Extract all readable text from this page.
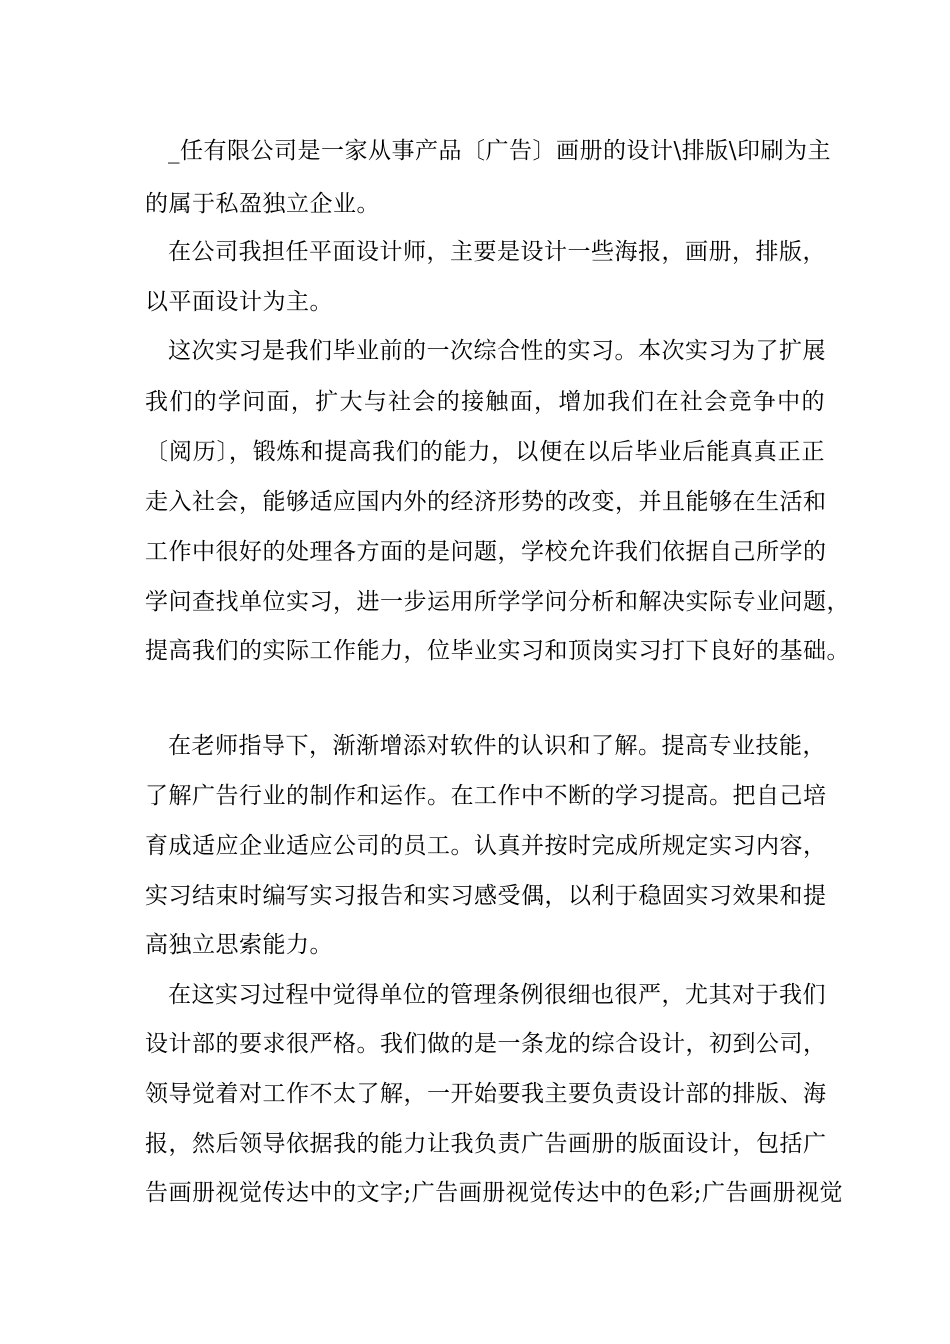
_任有限公司是一家从事产品〔广告〕画册的设计\排版\印刷为主
的属于私盈独立企业。
在公司我担任平面设计师，主要是设计一些海报，画册，排版，
以平面设计为主。
这次实习是我们毕业前的一次综合性的实习。本次实习为了扩展
我们的学问面，扩大与社会的接触面，增加我们在社会竞争中的
〔阅历〕，锻炼和提高我们的能力，以便在以后毕业后能真真正正
走入社会，能够适应国内外的经济形势的改变，并且能够在生活和
工作中很好的处理各方面的是问题，学校允许我们依据自己所学的
学问查找单位实习，进一步运用所学学问分析和解决实际专业问题，
提高我们的实际工作能力，位毕业实习和顶岗实习打下良好的基础。
在老师指导下，渐渐增添对软件的认识和了解。提高专业技能，
了解广告行业的制作和运作。在工作中不断的学习提高。把自己培
育成适应企业适应公司的员工。认真并按时完成所规定实习内容，
实习结束时编写实习报告和实习感受偶，以利于稳固实习效果和提
高独立思索能力。
在这实习过程中觉得单位的管理条例很细也很严，尤其对于我们
设计部的要求很严格。我们做的是一条龙的综合设计，初到公司，
领导觉着对工作不太了解，一开始要我主要负责设计部的排版、海
报，然后领导依据我的能力让我负责广告画册的版面设计，包括广
告画册视觉传达中的文字;广告画册视觉传达中的色彩;广告画册视觉
